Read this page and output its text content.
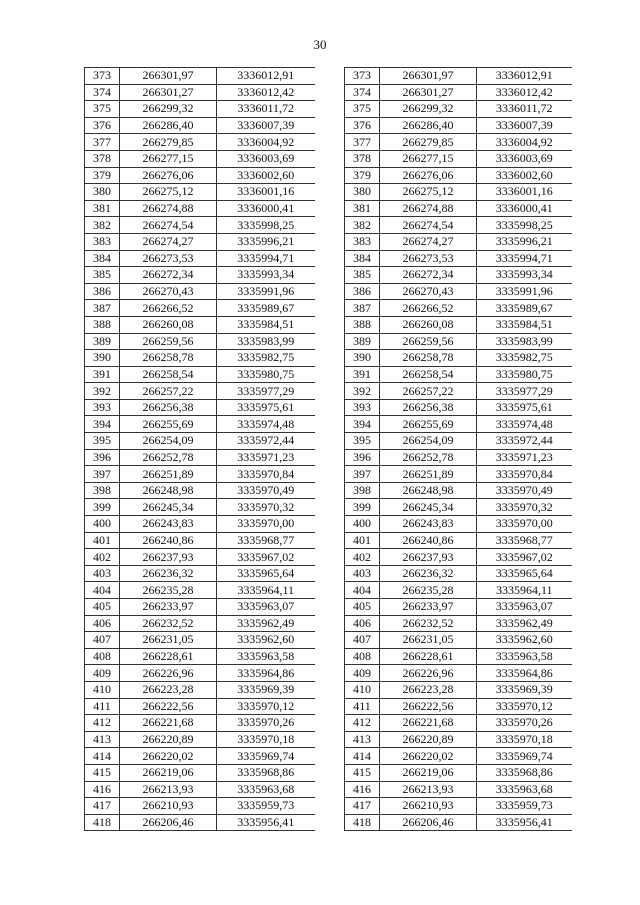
30
373	266301,97	3336012,91
374	266301,27	3336012,42
375	266299,32	3336011,72
376	266286,40	3336007,39
377	266279,85	3336004,92
378	266277,15	3336003,69
379	266276,06	3336002,60
380	266275,12	3336001,16
381	266274,88	3336000,41
382	266274,54	3335998,25
383	266274,27	3335996,21
384	266273,53	3335994,71
385	266272,34	3335993,34
386	266270,43	3335991,96
387	266266,52	3335989,67
388	266260,08	3335984,51
389	266259,56	3335983,99
390	266258,78	3335982,75
391	266258,54	3335980,75
392	266257,22	3335977,29
393	266256,38	3335975,61
394	266255,69	3335974,48
395	266254,09	3335972,44
396	266252,78	3335971,23
397	266251,89	3335970,84
398	266248,98	3335970,49
399	266245,34	3335970,32
400	266243,83	3335970,00
401	266240,86	3335968,77
402	266237,93	3335967,02
403	266236,32	3335965,64
404	266235,28	3335964,11
405	266233,97	3335963,07
406	266232,52	3335962,49
407	266231,05	3335962,60
408	266228,61	3335963,58
409	266226,96	3335964,86
410	266223,28	3335969,39
411	266222,56	3335970,12
412	266221,68	3335970,26
413	266220,89	3335970,18
414	266220,02	3335969,74
415	266219,06	3335968,86
416	266213,93	3335963,68
417	266210,93	3335959,73
418	266206,46	3335956,41
373	266301,97	3336012,91
374	266301,27	3336012,42
375	266299,32	3336011,72
376	266286,40	3336007,39
377	266279,85	3336004,92
378	266277,15	3336003,69
379	266276,06	3336002,60
380	266275,12	3336001,16
381	266274,88	3336000,41
382	266274,54	3335998,25
383	266274,27	3335996,21
384	266273,53	3335994,71
385	266272,34	3335993,34
386	266270,43	3335991,96
387	266266,52	3335989,67
388	266260,08	3335984,51
389	266259,56	3335983,99
390	266258,78	3335982,75
391	266258,54	3335980,75
392	266257,22	3335977,29
393	266256,38	3335975,61
394	266255,69	3335974,48
395	266254,09	3335972,44
396	266252,78	3335971,23
397	266251,89	3335970,84
398	266248,98	3335970,49
399	266245,34	3335970,32
400	266243,83	3335970,00
401	266240,86	3335968,77
402	266237,93	3335967,02
403	266236,32	3335965,64
404	266235,28	3335964,11
405	266233,97	3335963,07
406	266232,52	3335962,49
407	266231,05	3335962,60
408	266228,61	3335963,58
409	266226,96	3335964,86
410	266223,28	3335969,39
411	266222,56	3335970,12
412	266221,68	3335970,26
413	266220,89	3335970,18
414	266220,02	3335969,74
415	266219,06	3335968,86
416	266213,93	3335963,68
417	266210,93	3335959,73
418	266206,46	3335956,41
